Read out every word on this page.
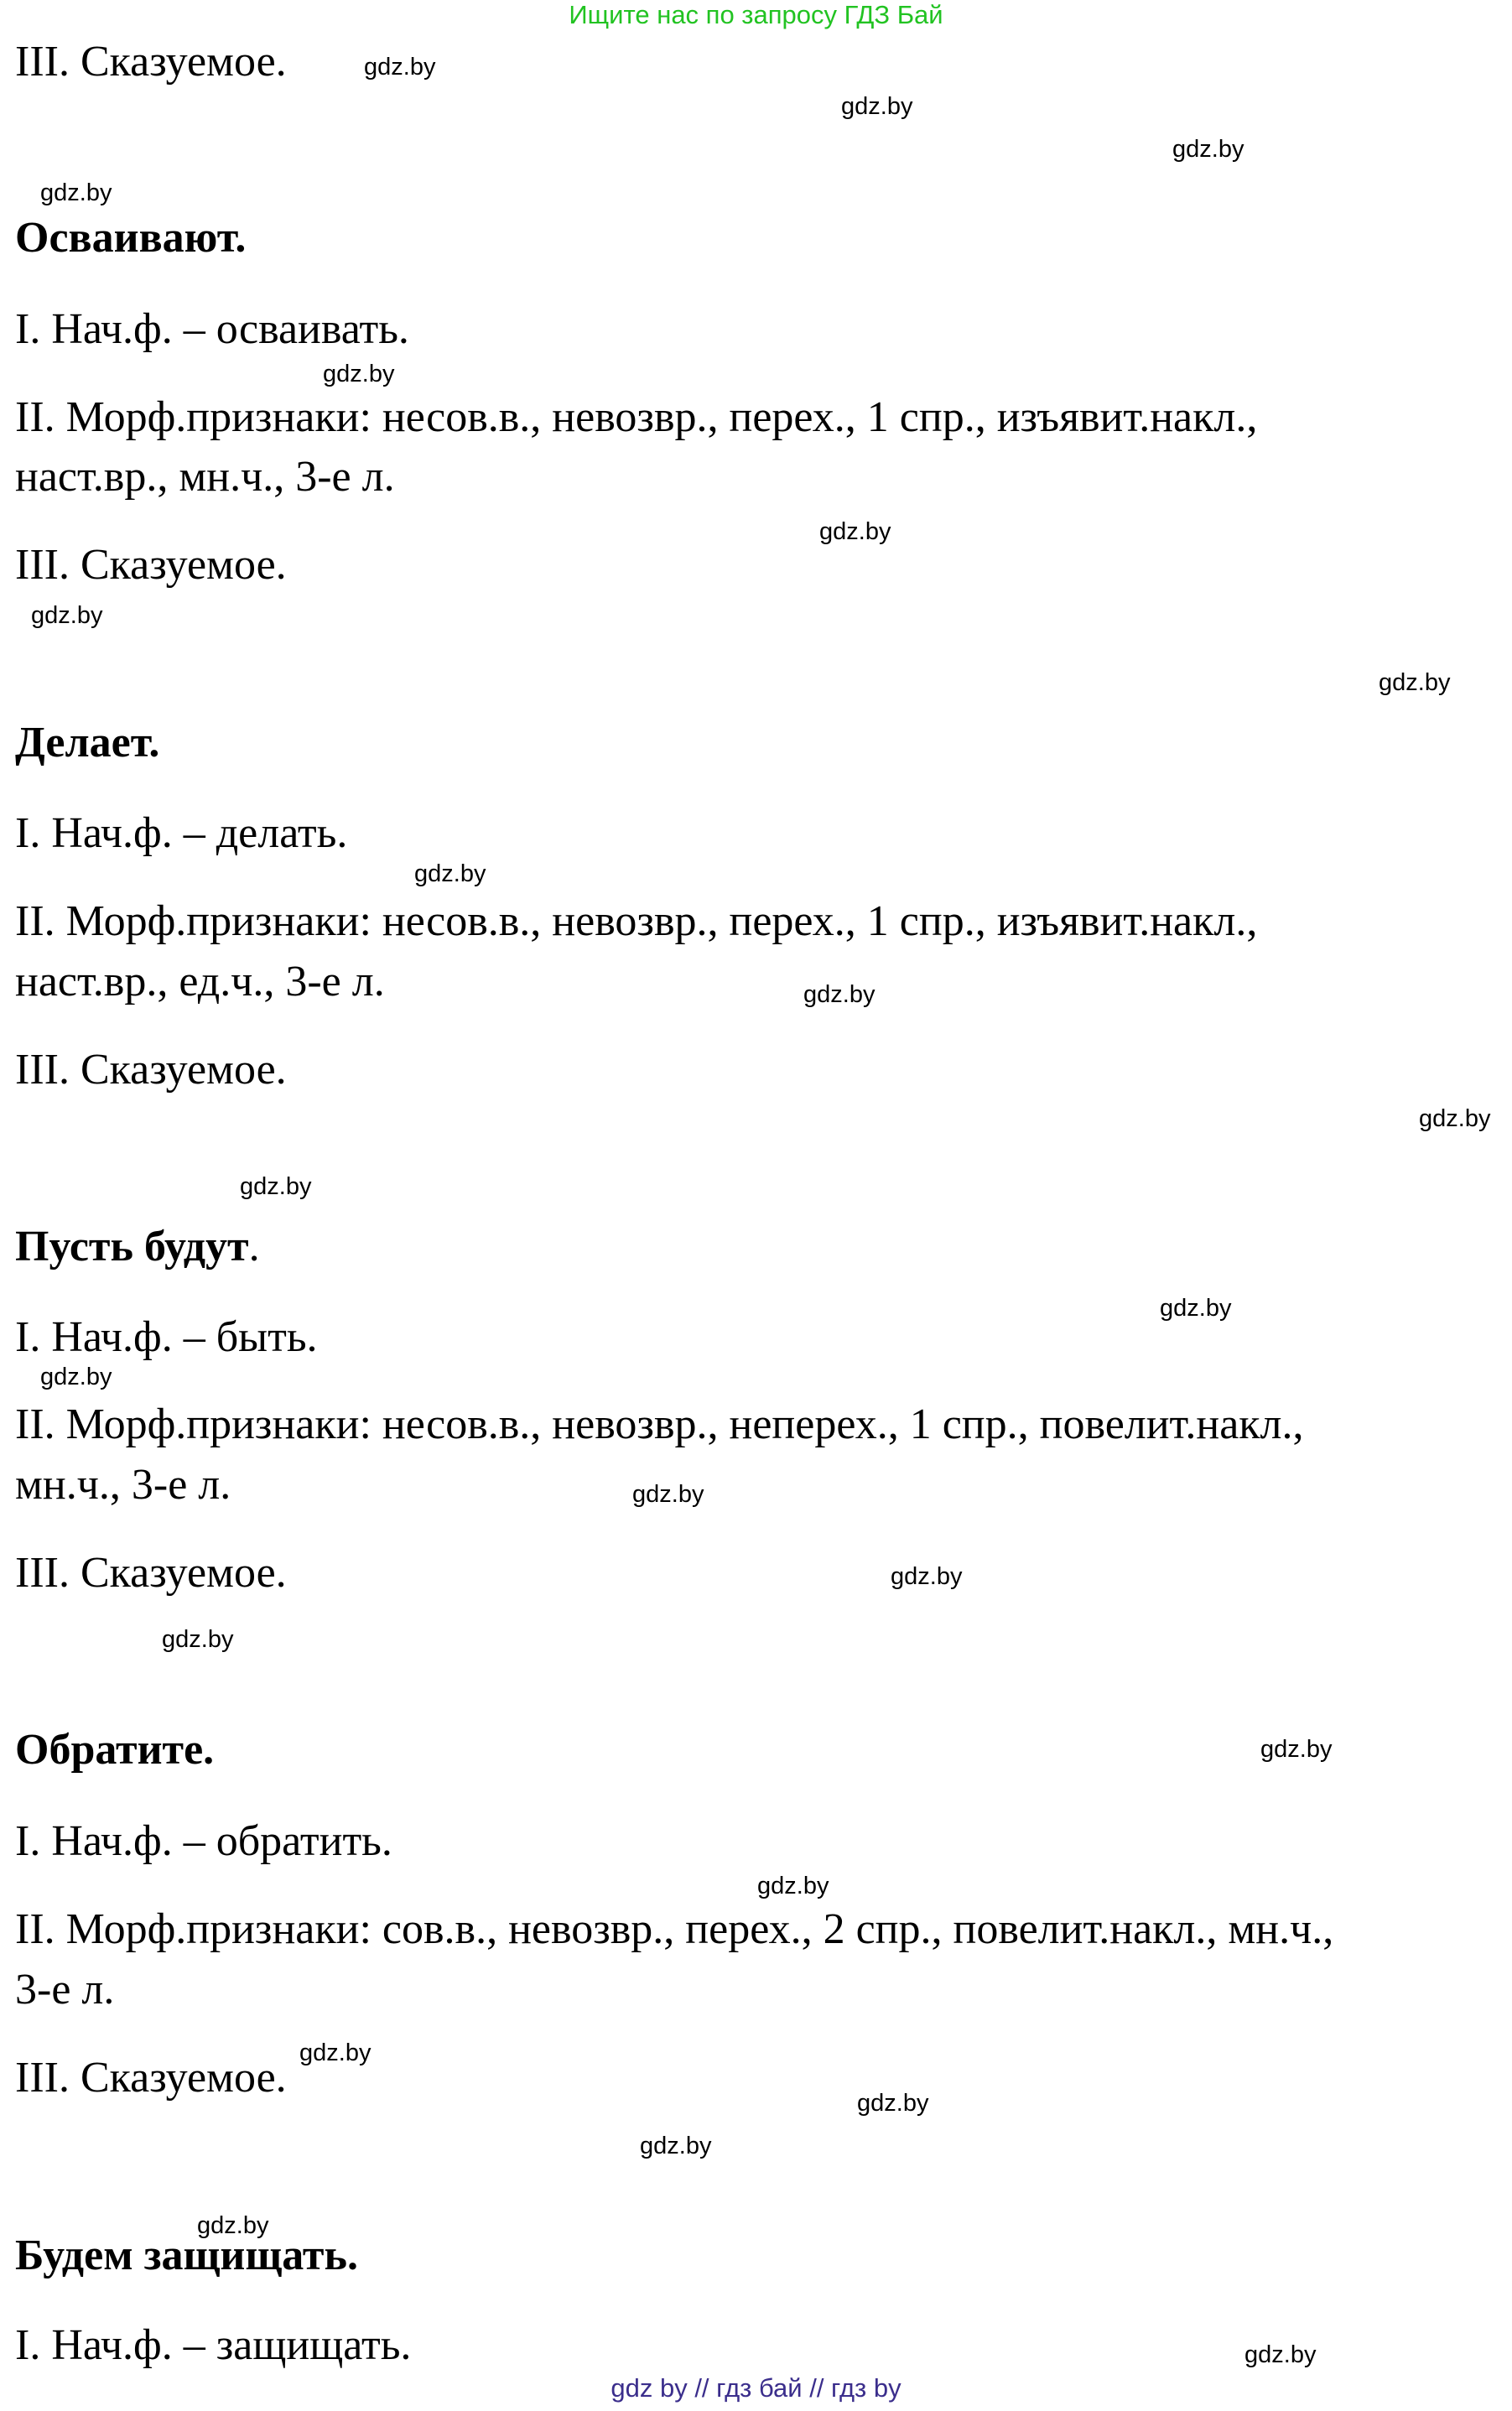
Ищите нас по запросу ГДЗ Бай
III. Сказуемое.
Осваивают.
I. Нач.ф. – осваивать.
II. Морф.признаки: несов.в., невозвр., перех., 1 спр., изъявит.накл.,
наст.вр., мн.ч., 3-е л.
III. Сказуемое.
Делает.
I. Нач.ф. – делать.
II. Морф.признаки: несов.в., невозвр., перех., 1 спр., изъявит.накл.,
наст.вр., ед.ч., 3-е л.
III. Сказуемое.
Пусть будут.
I. Нач.ф. – быть.
II. Морф.признаки: несов.в., невозвр., неперех., 1 спр., повелит.накл.,
мн.ч., 3-е л.
III. Сказуемое.
Обратите.
I. Нач.ф. – обратить.
II. Морф.признаки: сов.в., невозвр., перех., 2 спр., повелит.накл., мн.ч.,
3-е л.
III. Сказуемое.
Будем защищать.
I. Нач.ф. – защищать.
gdz.by
gdz.by
gdz.by
gdz.by
gdz.by
gdz.by
gdz.by
gdz.by
gdz.by
gdz.by
gdz.by
gdz.by
gdz.by
gdz.by
gdz.by
gdz.by
gdz.by
gdz.by
gdz.by
gdz.by
gdz.by
gdz.by
gdz.by
gdz.by
gdz by // гдз бай // гдз by
